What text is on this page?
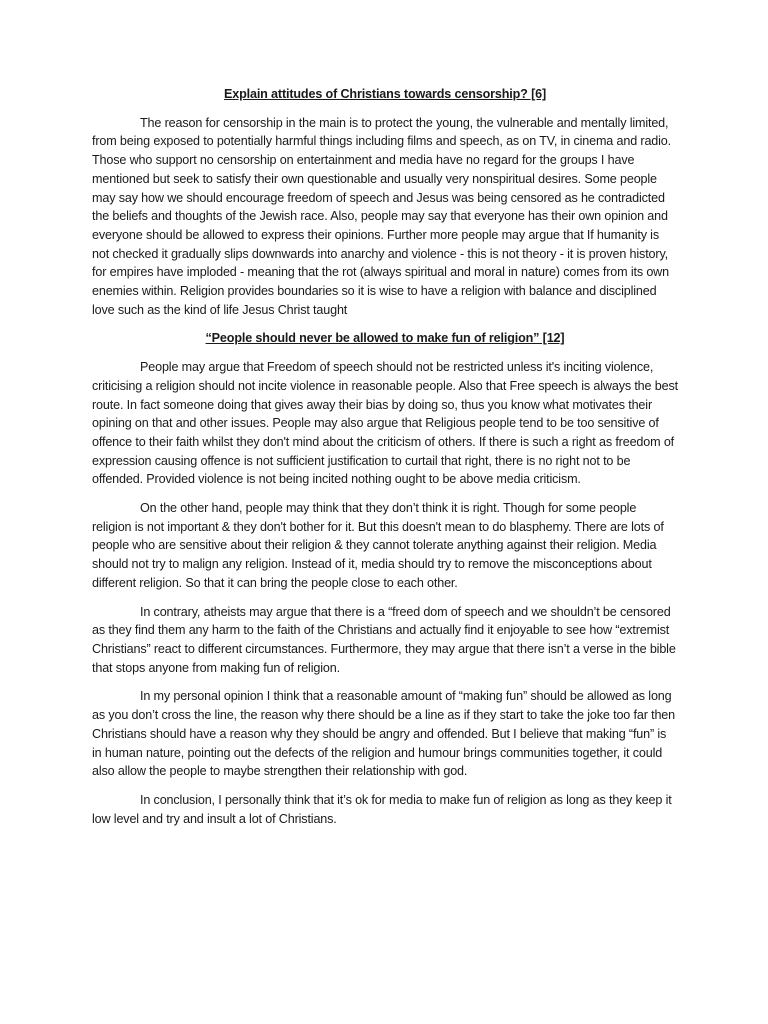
Explain attitudes of Christians towards censorship? [6]

The reason for censorship in the main is to protect the young, the vulnerable and mentally limited, from being exposed to potentially harmful things including films and speech, as on TV, in cinema and radio. Those who support no censorship on entertainment and media have no regard for the groups I have mentioned but seek to satisfy their own questionable and usually very nonspiritual desires. Some people may say how we should encourage freedom of speech and Jesus was being censored as he contradicted the beliefs and thoughts of the Jewish race. Also, people may say that everyone has their own opinion and everyone should be allowed to express their opinions. Further more people may argue that If humanity is not checked it gradually slips downwards into anarchy and violence - this is not theory - it is proven history, for empires have imploded - meaning that the rot (always spiritual and moral in nature) comes from its own enemies within. Religion provides boundaries so it is wise to have a religion with balance and disciplined love such as the kind of life Jesus Christ taught

“People should never be allowed to make fun of religion” [12]

People may argue that Freedom of speech should not be restricted unless it's inciting violence, criticising a religion should not incite violence in reasonable people. Also that Free speech is always the best route. In fact someone doing that gives away their bias by doing so, thus you know what motivates their opining on that and other issues. People may also argue that Religious people tend to be too sensitive of offence to their faith whilst they don't mind about the criticism of others. If there is such a right as freedom of expression causing offence is not sufficient justification to curtail that right, there is no right not to be offended. Provided violence is not being incited nothing ought to be above media criticism.

On the other hand, people may think that they don’t think it is right. Though for some people religion is not important & they don't bother for it. But this doesn't mean to do blasphemy. There are lots of people who are sensitive about their religion & they cannot tolerate anything against their religion. Media should not try to malign any religion. Instead of it, media should try to remove the misconceptions about different religion. So that it can bring the people close to each other.

In contrary, atheists may argue that there is a “freed dom of speech and we shouldn’t be censored as they find them any harm to the faith of the Christians and actually find it enjoyable to see how “extremist Christians” react to different circumstances. Furthermore, they may argue that there isn’t a verse in the bible that stops anyone from making fun of religion.

In my personal opinion I think that a reasonable amount of “making fun” should be allowed as long as you don’t cross the line, the reason why there should be a line as if they start to take the joke too far then Christians should have a reason why they should be angry and offended. But I believe that making “fun” is in human nature, pointing out the defects of the religion and humour brings communities together, it could also allow the people to maybe strengthen their relationship with god.

In conclusion, I personally think that it’s ok for media to make fun of religion as long as they keep it low level and try and insult a lot of Christians.
